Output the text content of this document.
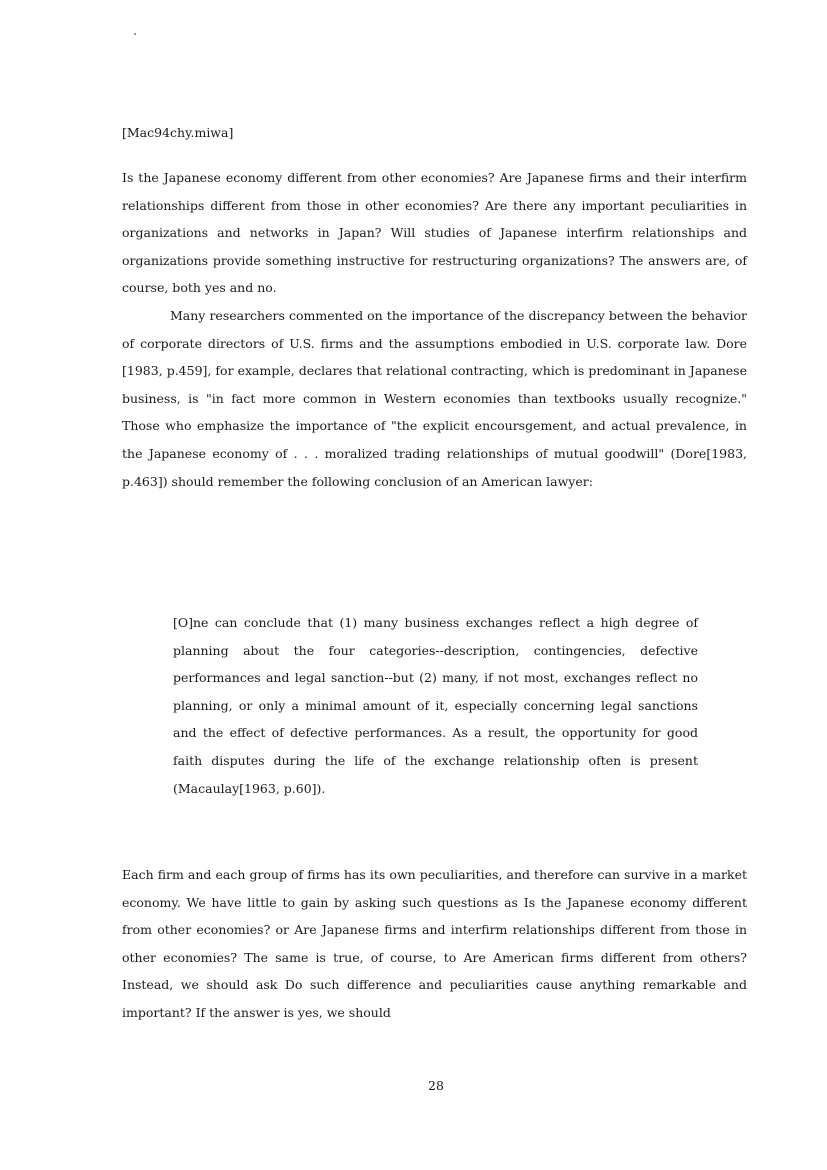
[Mac94chy.miwa]
Is the Japanese economy different from other economies? Are Japanese firms and their interfirm relationships different from those in other economies? Are there any important peculiarities in organizations and networks in Japan? Will studies of Japanese interfirm relationships and organizations provide something instructive for restructuring organizations? The answers are, of course, both yes and no.
Many researchers commented on the importance of the discrepancy between the behavior of corporate directors of U.S. firms and the assumptions embodied in U.S. corporate law. Dore [1983, p.459], for example, declares that relational contracting, which is predominant in Japanese business, is "in fact more common in Western economies than textbooks usually recognize." Those who emphasize the importance of "the explicit encoursgement, and actual prevalence, in the Japanese economy of . . . moralized trading relationships of mutual goodwill" (Dore[1983, p.463]) should remember the following conclusion of an American lawyer:

[O]ne can conclude that (1) many business exchanges reflect a high degree of planning about the four categories--description, contingencies, defective performances and legal sanction--but (2) many, if not most, exchanges reflect no planning, or only a minimal amount of it, especially concerning legal sanctions and the effect of defective performances. As a result, the opportunity for good faith disputes during the life of the exchange relationship often is present (Macaulay[1963, p.60]).

Each firm and each group of firms has its own peculiarities, and therefore can survive in a market economy. We have little to gain by asking such questions as Is the Japanese economy different from other economies? or Are Japanese firms and interfirm relationships different from those in other economies? The same is true, of course, to Are American firms different from others? Instead, we should ask Do such difference and peculiarities cause anything remarkable and important? If the answer is yes, we should

28
